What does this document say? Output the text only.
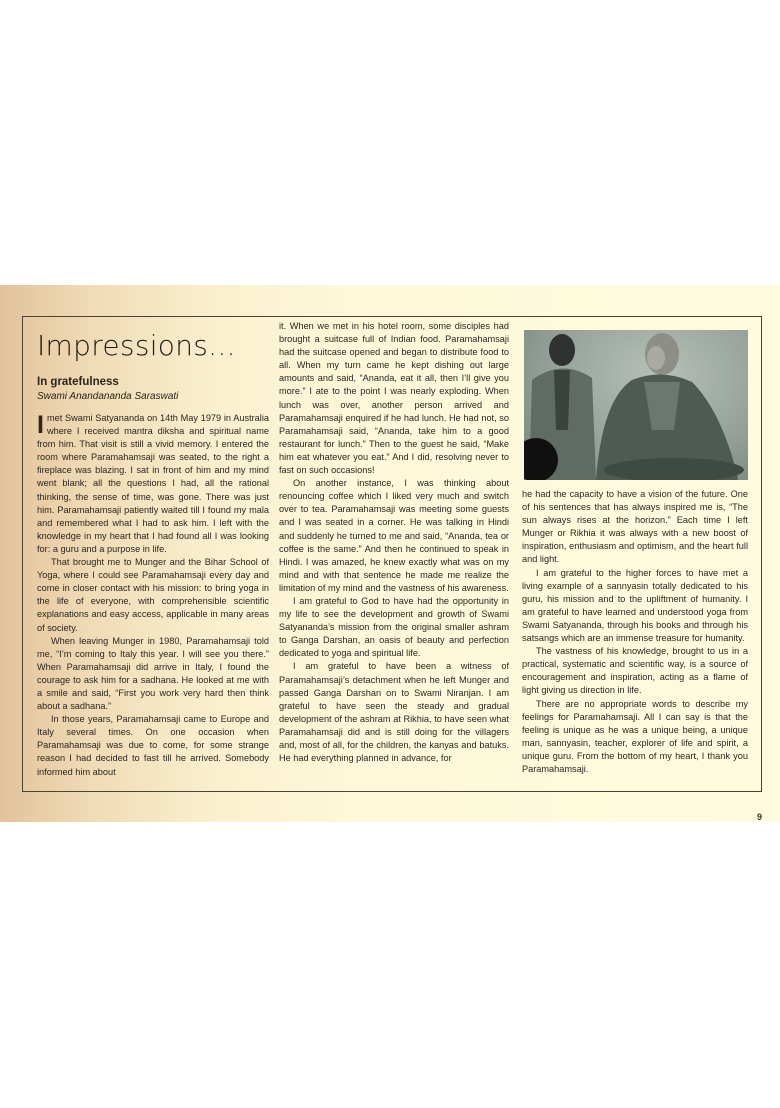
Impressions...
In gratefulness
Swami Anandananda Saraswati

I met Swami Satyananda on 14th May 1979 in Australia where I received mantra diksha and spiritual name from him. That visit is still a vivid memory. I entered the room where Paramahamsaji was seated, to the right a fireplace was blazing. I sat in front of him and my mind went blank; all the questions I had, all the rational thinking, the sense of time, was gone. There was just him. Paramahamsaji patiently waited till I found my mala and remembered what I had to ask him. I left with the knowledge in my heart that I had found all I was looking for: a guru and a purpose in life.

That brought me to Munger and the Bihar School of Yoga, where I could see Paramahamsaji every day and come in closer contact with his mission: to bring yoga in the life of everyone, with comprehensible scientific explanations and easy access, applicable in many areas of society.

When leaving Munger in 1980, Paramahamsaji told me, “I’m coming to Italy this year. I will see you there.” When Paramahamsaji did arrive in Italy, I found the courage to ask him for a sadhana. He looked at me with a smile and said, “First you work very hard then think about a sadhana.”

In those years, Paramahamsaji came to Europe and Italy several times. On one occasion when Paramahamsaji was due to come, for some strange reason I had decided to fast till he arrived. Somebody informed him about

it. When we met in his hotel room, some disciples had brought a suitcase full of Indian food. Paramahamsaji had the suitcase opened and began to distribute food to all. When my turn came he kept dishing out large amounts and said, “Ananda, eat it all, then I’ll give you more.” I ate to the point I was nearly exploding. When lunch was over, another person arrived and Paramahamsaji enquired if he had lunch. He had not, so Paramahamsaji said, “Ananda, take him to a good restaurant for lunch.” Then to the guest he said, “Make him eat whatever you eat.” And I did, resolving never to fast on such occasions!

On another instance, I was thinking about renouncing coffee which I liked very much and switch over to tea. Paramahamsaji was meeting some guests and I was seated in a corner. He was talking in Hindi and suddenly he turned to me and said, “Ananda, tea or coffee is the same.” And then he continued to speak in Hindi. I was amazed, he knew exactly what was on my mind and with that sentence he made me realize the limitation of my mind and the vastness of his awareness.

I am grateful to God to have had the opportunity in my life to see the development and growth of Swami Satyananda’s mission from the original smaller ashram to Ganga Darshan, an oasis of beauty and perfection dedicated to yoga and spiritual life.

I am grateful to have been a witness of Paramahamsaji’s detachment when he left Munger and passed Ganga Darshan on to Swami Niranjan. I am grateful to have seen the steady and gradual development of the ashram at Rikhia, to have seen what Paramahamsaji did and is still doing for the villagers and, most of all, for the children, the kanyas and batuks. He had everything planned in advance, for

he had the capacity to have a vision of the future. One of his sentences that has always inspired me is, “The sun always rises at the horizon.” Each time I left Munger or Rikhia it was always with a new boost of inspiration, enthusiasm and optimism, and the heart full and light.

I am grateful to the higher forces to have met a living example of a sannyasin totally dedicated to his guru, his mission and to the upliftment of humanity. I am grateful to have learned and understood yoga from Swami Satyananda, through his books and through his satsangs which are an immense treasure for humanity.

The vastness of his knowledge, brought to us in a practical, systematic and scientific way, is a source of encouragement and inspiration, acting as a flame of light giving us direction in life.

There are no appropriate words to describe my feelings for Paramahamsaji. All I can say is that the feeling is unique as he was a unique being, a unique man, sannyasin, teacher, explorer of life and spirit, a unique guru. From the bottom of my heart, I thank you Paramahamsaji.

9
